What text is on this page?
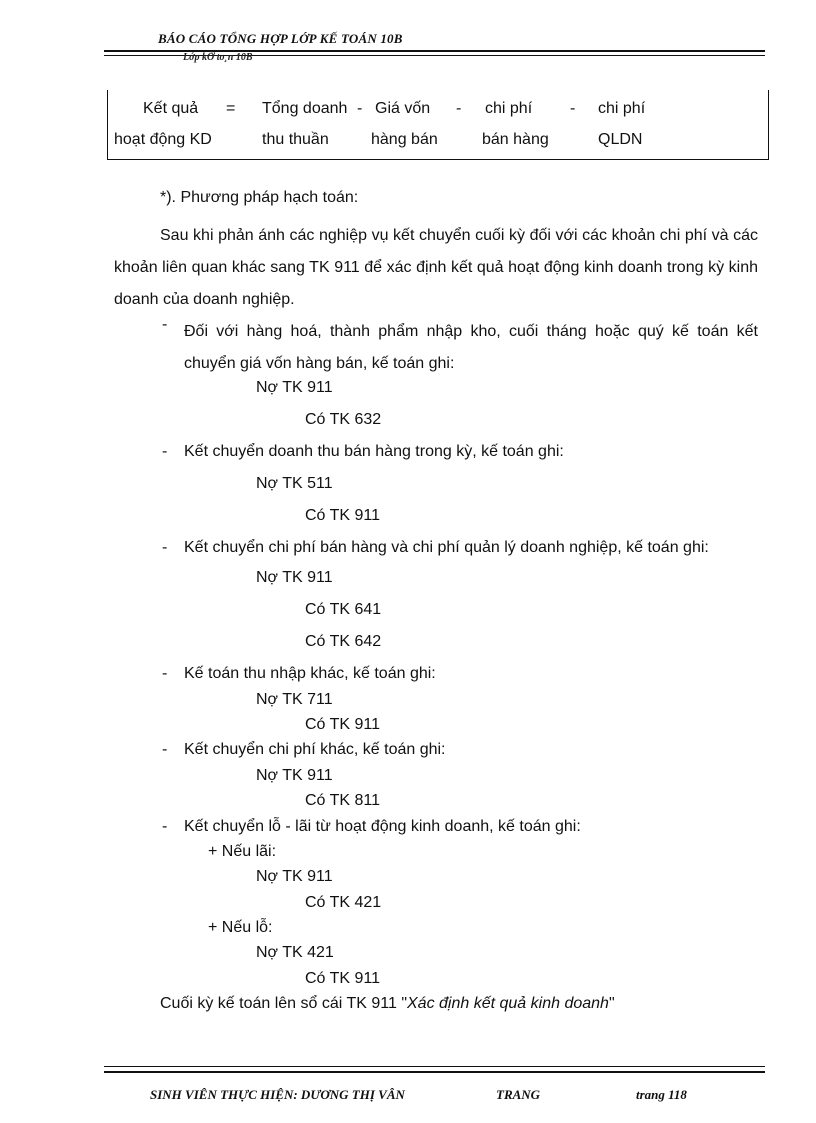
BÁO CÁO TỔNG HỢP LỚP KẾ TOÁN 10B
Lớp kỠ to¸n 10B
Kết quả = Tổng doanh - Giá vốn - chi phí - chi phí
hoạt động KD	thu thuần	hàng bán	bán hàng	QLDN
*). Phương pháp hạch toán:
Sau khi phản ánh các nghiệp vụ kết chuyển cuối kỳ đối với các khoản chi phí và các khoản liên quan khác sang TK 911 để xác định kết quả hoạt động kinh doanh trong kỳ kinh doanh của doanh nghiệp.
- Đối với hàng hoá, thành phẩm nhập kho, cuối tháng hoặc quý kế toán kết chuyển giá vốn hàng bán, kế toán ghi:
Nợ TK 911
Có TK 632
- Kết chuyển doanh thu bán hàng trong kỳ, kế toán ghi:
Nợ TK 511
Có TK 911
- Kết chuyển chi phí bán hàng và chi phí quản lý doanh nghiệp, kế toán ghi:
Nợ TK 911
Có TK 641
Có TK 642
- Kế toán thu nhập khác, kế toán ghi:
Nợ TK 711
Có TK 911
- Kết chuyển chi phí khác, kế toán ghi:
Nợ TK 911
Có TK 811
- Kết chuyển lỗ - lãi từ hoạt động kinh doanh, kế toán ghi:
+ Nếu lãi:
Nợ TK 911
Có TK 421
+ Nếu lỗ:
Nợ TK 421
Có TK 911
Cuối kỳ kế toán lên sổ cái TK 911 "Xác định kết quả kinh doanh"
SINH VIÊN THỰC HIỆN: DƯƠNG THỊ VÂN	TRANG	trang 118
